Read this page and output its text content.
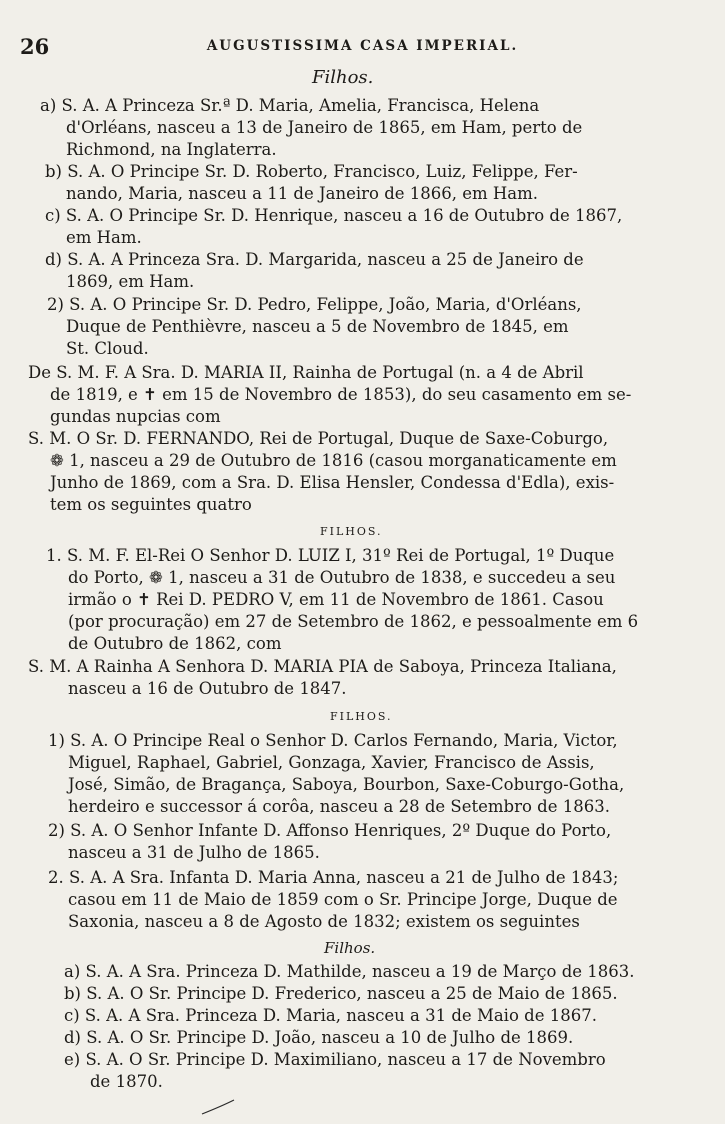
26	AUGUSTISSIMA CASA IMPERIAL.
Filhos.
a) S. A. A Princeza Sr.ª D. Maria, Amelia, Francisca, Helena
d'Orléans, nasceu a 13 de Janeiro de 1865, em Ham, perto de
Richmond, na Inglaterra.
b) S. A. O Principe Sr. D. Roberto, Francisco, Luiz, Felippe, Fer-
nando, Maria, nasceu a 11 de Janeiro de 1866, em Ham.
c) S. A. O Principe Sr. D. Henrique, nasceu a 16 de Outubro de 1867,
em Ham.
d) S. A. A Princeza Sra. D. Margarida, nasceu a 25 de Janeiro de
1869, em Ham.
2) S. A. O Principe Sr. D. Pedro, Felippe, João, Maria, d'Orléans,
Duque de Penthièvre, nasceu a 5 de Novembro de 1845, em
St. Cloud.
De S. M. F. A Sra. D. MARIA II, Rainha de Portugal (n. a 4 de Abril
de 1819, e ✝ em 15 de Novembro de 1853), do seu casamento em se-
gundas nupcias com
S. M. O Sr. D. FERNANDO, Rei de Portugal, Duque de Saxe-Coburgo,
❁ 1, nasceu a 29 de Outubro de 1816 (casou morganaticamente em
Junho de 1869, com a Sra. D. Elisa Hensler, Condessa d'Edla), exis-
tem os seguintes quatro
FILHOS.
1. S. M. F. El-Rei O Senhor D. LUIZ I, 31º Rei de Portugal, 1º Duque
do Porto, ❁ 1, nasceu a 31 de Outubro de 1838, e succedeu a seu
irmão o ✝ Rei D. PEDRO V, em 11 de Novembro de 1861. Casou
(por procuração) em 27 de Setembro de 1862, e pessoalmente em 6
de Outubro de 1862, com
S. M. A Rainha A Senhora D. MARIA PIA de Saboya, Princeza Italiana,
nasceu a 16 de Outubro de 1847.
FILHOS.
1) S. A. O Principe Real o Senhor D. Carlos Fernando, Maria, Victor,
Miguel, Raphael, Gabriel, Gonzaga, Xavier, Francisco de Assis,
José, Simão, de Bragança, Saboya, Bourbon, Saxe-Coburgo-Gotha,
herdeiro e successor á corôa, nasceu a 28 de Setembro de 1863.
2) S. A. O Senhor Infante D. Affonso Henriques, 2º Duque do Porto,
nasceu a 31 de Julho de 1865.
2. S. A. A Sra. Infanta D. Maria Anna, nasceu a 21 de Julho de 1843;
casou em 11 de Maio de 1859 com o Sr. Principe Jorge, Duque de
Saxonia, nasceu a 8 de Agosto de 1832; existem os seguintes
Filhos.
a) S. A. A Sra. Princeza D. Mathilde, nasceu a 19 de Março de 1863.
b) S. A. O Sr. Principe D. Frederico, nasceu a 25 de Maio de 1865.
c) S. A. A Sra. Princeza D. Maria, nasceu a 31 de Maio de 1867.
d) S. A. O Sr. Principe D. João, nasceu a 10 de Julho de 1869.
e) S. A. O Sr. Principe D. Maximiliano, nasceu a 17 de Novembro
de 1870.
